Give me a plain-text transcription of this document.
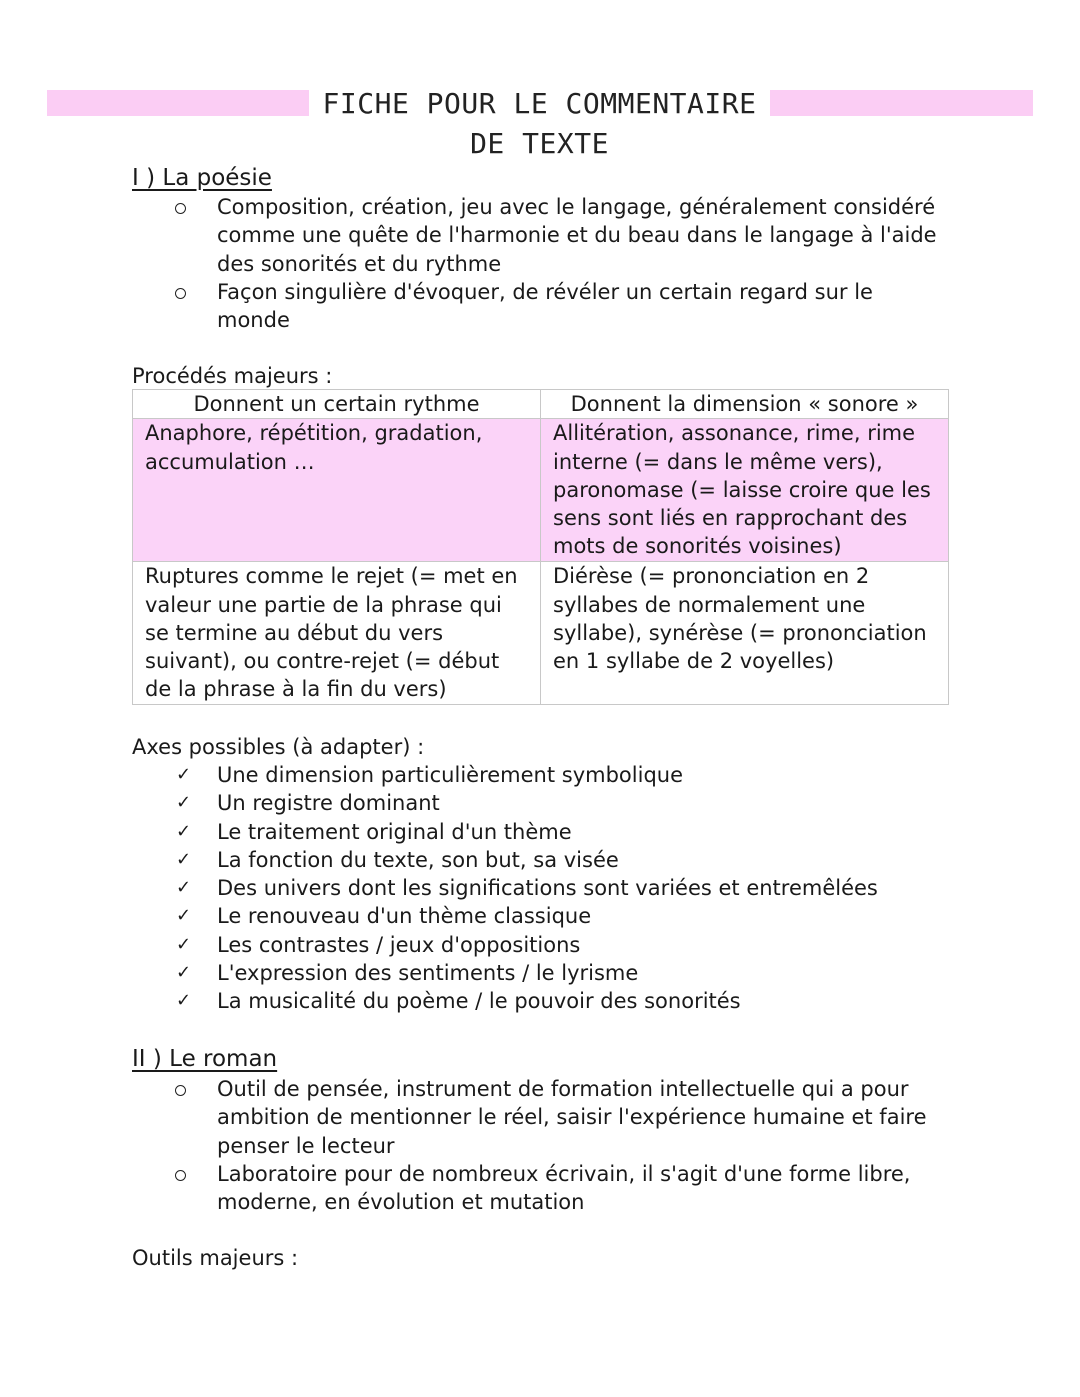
FICHE POUR LE COMMENTAIRE DE TEXTE
I ) La poésie
Composition, création, jeu avec le langage, généralement considéré comme une quête de l'harmonie et du beau dans le langage à l'aide des sonorités et du rythme
Façon singulière d'évoquer, de révéler un certain regard sur le monde
Procédés majeurs :
Donnent un certain rythme	Donnent la dimension « sonore »
Anaphore, répétition, gradation, accumulation …	Allitération, assonance, rime, rime interne (= dans le même vers), paronomase (= laisse croire que les sens sont liés en rapprochant des mots de sonorités voisines)
Ruptures comme le rejet (= met en valeur une partie de la phrase qui se termine au début du vers suivant), ou contre-rejet (= début de la phrase à la fin du vers)	Diérèse (= prononciation en 2 syllabes de normalement une syllabe), synérèse (= prononciation en 1 syllabe de 2 voyelles)
Axes possibles (à adapter) :
✓ Une dimension particulièrement symbolique
✓ Un registre dominant
✓ Le traitement original d'un thème
✓ La fonction du texte, son but, sa visée
✓ Des univers dont les significations sont variées et entremêlées
✓ Le renouveau d'un thème classique
✓ Les contrastes / jeux d'oppositions
✓ L'expression des sentiments / le lyrisme
✓ La musicalité du poème / le pouvoir des sonorités
II ) Le roman
Outil de pensée, instrument de formation intellectuelle qui a pour ambition de mentionner le réel, saisir l'expérience humaine et faire penser le lecteur
Laboratoire pour de nombreux écrivain, il s'agit d'une forme libre, moderne, en évolution et mutation
Outils majeurs :
